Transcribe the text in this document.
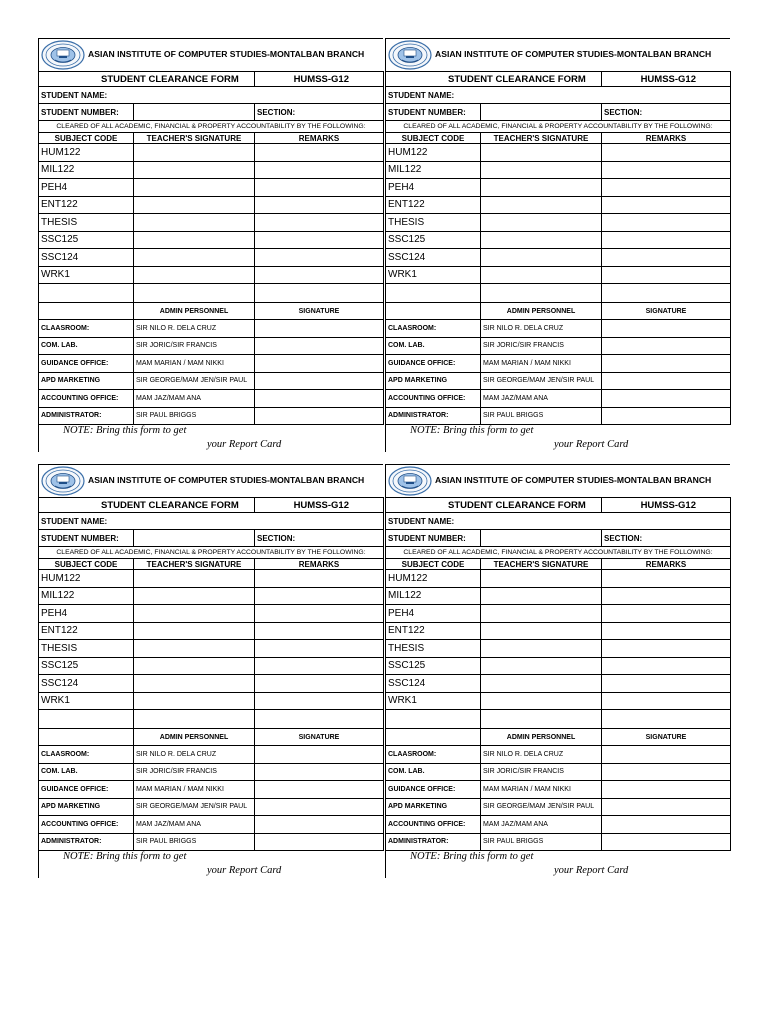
ASIAN INSTITUTE OF COMPUTER STUDIES-MONTALBAN BRANCH
STUDENT CLEARANCE FORM		HUMSS-G12
STUDENT NAME:		
STUDENT NUMBER:		SECTION:
CLEARED OF ALL ACADEMIC, FINANCIAL & PROPERTY ACCOUNTABILITY BY THE FOLLOWING:		
SUBJECT CODE	TEACHER'S SIGNATURE	REMARKS
HUM122		
MIL122		
PEH4		
ENT122		
THESIS		
SSC125		
SSC124		
WRK1		

	ADMIN PERSONNEL	SIGNATURE
CLAASROOM:	SIR NILO R. DELA CRUZ	
COM. LAB.	SIR JORIC/SIR FRANCIS	
GUIDANCE OFFICE:	MAM MARIAN / MAM NIKKI	
APD MARKETING	SIR GEORGE/MAM JEN/SIR PAUL	
ACCOUNTING OFFICE:	MAM JAZ/MAM ANA	
ADMINISTRATOR:	SIR PAUL BRIGGS	
NOTE: Bring this form to get
your Report Card
ASIAN INSTITUTE OF COMPUTER STUDIES-MONTALBAN BRANCH
STUDENT CLEARANCE FORM		HUMSS-G12
STUDENT NAME:		
STUDENT NUMBER:		SECTION:
CLEARED OF ALL ACADEMIC, FINANCIAL & PROPERTY ACCOUNTABILITY BY THE FOLLOWING:		
SUBJECT CODE	TEACHER'S SIGNATURE	REMARKS
HUM122		
MIL122		
PEH4		
ENT122		
THESIS		
SSC125		
SSC124		
WRK1		

	ADMIN PERSONNEL	SIGNATURE
CLAASROOM:	SIR NILO R. DELA CRUZ	
COM. LAB.	SIR JORIC/SIR FRANCIS	
GUIDANCE OFFICE:	MAM MARIAN / MAM NIKKI	
APD MARKETING	SIR GEORGE/MAM JEN/SIR PAUL	
ACCOUNTING OFFICE:	MAM JAZ/MAM ANA	
ADMINISTRATOR:	SIR PAUL BRIGGS	
NOTE: Bring this form to get
your Report Card
ASIAN INSTITUTE OF COMPUTER STUDIES-MONTALBAN BRANCH
STUDENT CLEARANCE FORM		HUMSS-G12
STUDENT NAME:		
STUDENT NUMBER:		SECTION:
CLEARED OF ALL ACADEMIC, FINANCIAL & PROPERTY ACCOUNTABILITY BY THE FOLLOWING:		
SUBJECT CODE	TEACHER'S SIGNATURE	REMARKS
HUM122		
MIL122		
PEH4		
ENT122		
THESIS		
SSC125		
SSC124		
WRK1		

	ADMIN PERSONNEL	SIGNATURE
CLAASROOM:	SIR NILO R. DELA CRUZ	
COM. LAB.	SIR JORIC/SIR FRANCIS	
GUIDANCE OFFICE:	MAM MARIAN / MAM NIKKI	
APD MARKETING	SIR GEORGE/MAM JEN/SIR PAUL	
ACCOUNTING OFFICE:	MAM JAZ/MAM ANA	
ADMINISTRATOR:	SIR PAUL BRIGGS	
NOTE: Bring this form to get
your Report Card
ASIAN INSTITUTE OF COMPUTER STUDIES-MONTALBAN BRANCH
STUDENT CLEARANCE FORM		HUMSS-G12
STUDENT NAME:		
STUDENT NUMBER:		SECTION:
CLEARED OF ALL ACADEMIC, FINANCIAL & PROPERTY ACCOUNTABILITY BY THE FOLLOWING:		
SUBJECT CODE	TEACHER'S SIGNATURE	REMARKS
HUM122		
MIL122		
PEH4		
ENT122		
THESIS		
SSC125		
SSC124		
WRK1		

	ADMIN PERSONNEL	SIGNATURE
CLAASROOM:	SIR NILO R. DELA CRUZ	
COM. LAB.	SIR JORIC/SIR FRANCIS	
GUIDANCE OFFICE:	MAM MARIAN / MAM NIKKI	
APD MARKETING	SIR GEORGE/MAM JEN/SIR PAUL	
ACCOUNTING OFFICE:	MAM JAZ/MAM ANA	
ADMINISTRATOR:	SIR PAUL BRIGGS	
NOTE: Bring this form to get
your Report Card
